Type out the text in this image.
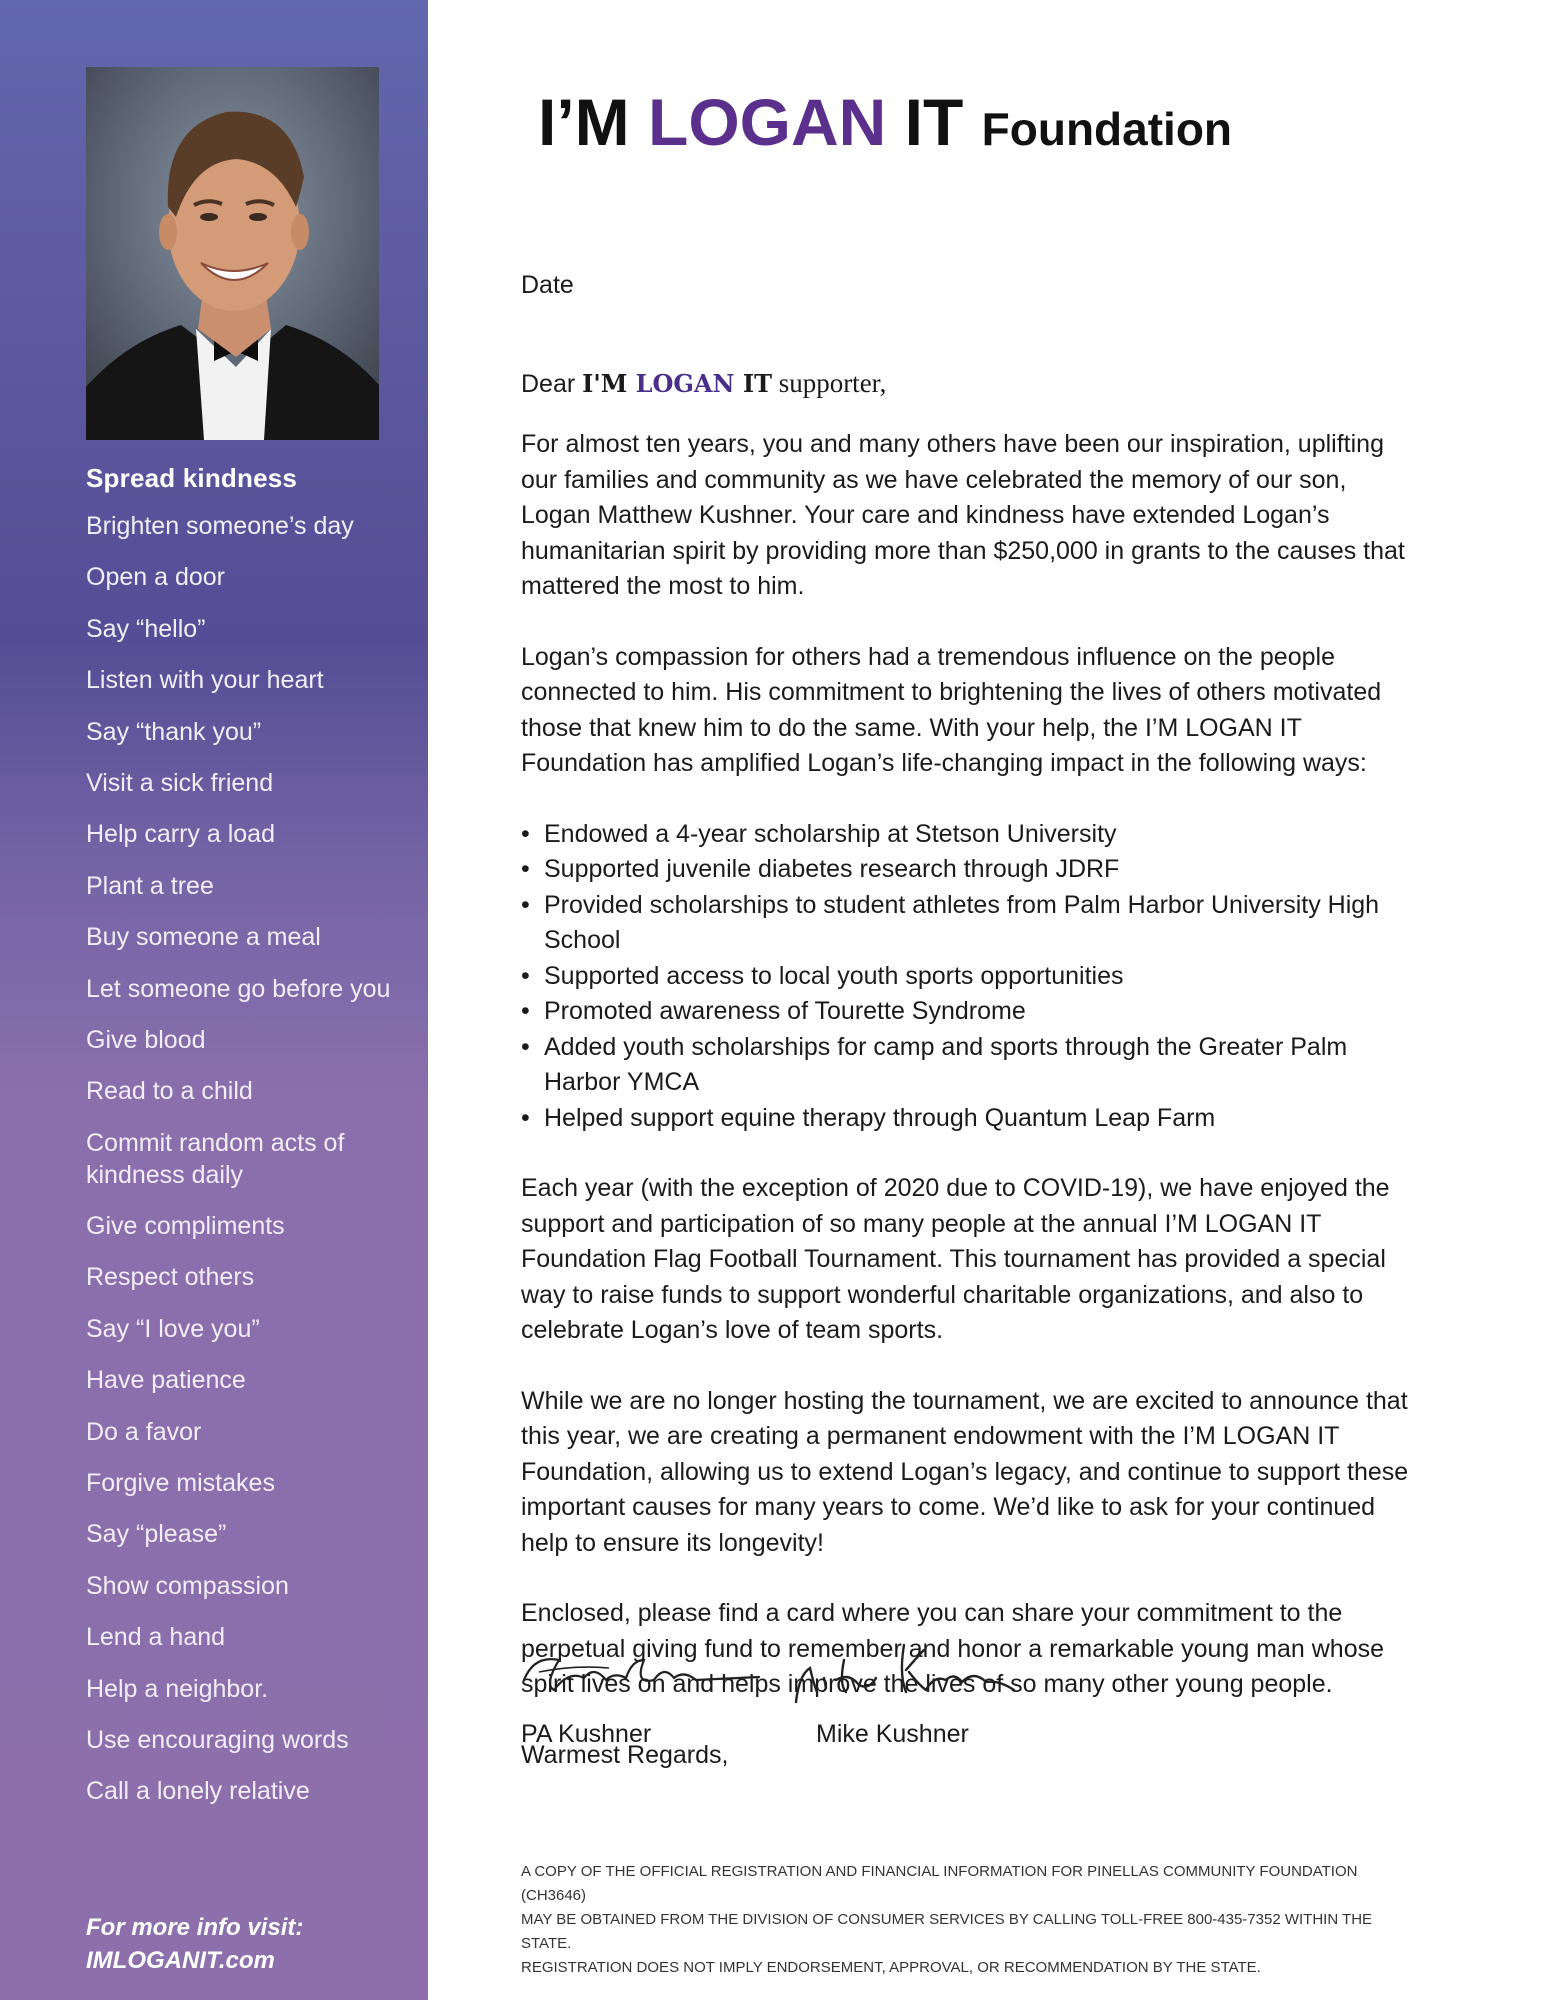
Spread kindness
Brighten someone’s day
Open a door
Say “hello”
Listen with your heart
Say “thank you”
Visit a sick friend
Help carry a load
Plant a tree
Buy someone a meal
Let someone go before you
Give blood
Read to a child
Commit random acts of kindness daily
Give compliments
Respect others
Say “I love you”
Have patience
Do a favor
Forgive mistakes
Say “please”
Show compassion
Lend a hand
Help a neighbor.
Use encouraging words
Call a lonely relative
For more info visit:
IMLOGANIT.com
I’M LOGAN IT Foundation

Date

Dear I'M LOGAN IT supporter,

For almost ten years, you and many others have been our inspiration, uplifting our families and community as we have celebrated the memory of our son, Logan Matthew Kushner. Your care and kindness have extended Logan’s humanitarian spirit by providing more than $250,000 in grants to the causes that mattered the most to him.

Logan’s compassion for others had a tremendous influence on the people connected to him. His commitment to brightening the lives of others motivated those that knew him to do the same. With your help, the I’M LOGAN IT Foundation has amplified Logan’s life-changing impact in the following ways:

• Endowed a 4-year scholarship at Stetson University
• Supported juvenile diabetes research through JDRF
• Provided scholarships to student athletes from Palm Harbor University High School
• Supported access to local youth sports opportunities
• Promoted awareness of Tourette Syndrome
• Added youth scholarships for camp and sports through the Greater Palm Harbor YMCA
• Helped support equine therapy through Quantum Leap Farm

Each year (with the exception of 2020 due to COVID-19), we have enjoyed the support and participation of so many people at the annual I’M LOGAN IT Foundation Flag Football Tournament. This tournament has provided a special way to raise funds to support wonderful charitable organizations, and also to celebrate Logan’s love of team sports.

While we are no longer hosting the tournament, we are excited to announce that this year, we are creating a permanent endowment with the I’M LOGAN IT Foundation, allowing us to extend Logan’s legacy, and continue to support these important causes for many years to come. We’d like to ask for your continued help to ensure its longevity!

Enclosed, please find a card where you can share your commitment to the perpetual giving fund to remember and honor a remarkable young man whose spirit lives on and helps improve the lives of so many other young people.

Warmest Regards,

PA Kushner	Mike Kushner
A COPY OF THE OFFICIAL REGISTRATION AND FINANCIAL INFORMATION FOR PINELLAS COMMUNITY FOUNDATION (CH3646)
MAY BE OBTAINED FROM THE DIVISION OF CONSUMER SERVICES BY CALLING TOLL-FREE 800-435-7352 WITHIN THE STATE.
REGISTRATION DOES NOT IMPLY ENDORSEMENT, APPROVAL, OR RECOMMENDATION BY THE STATE.
